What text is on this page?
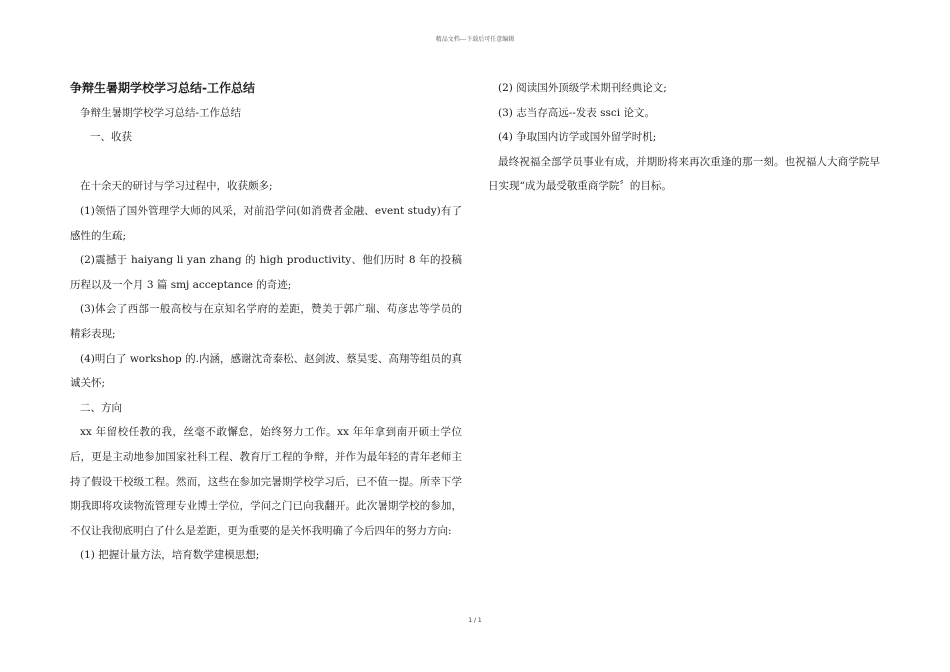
精品文档---下载后可任意编辑
争辩生暑期学校学习总结-工作总结

争辩生暑期学校学习总结-工作总结

一、收获

在十余天的研讨与学习过程中，收获颇多;

(1)领悟了国外管理学大师的风采，对前沿学问(如消费者金融、event study)有了感性的生疏;

(2)震撼于 haiyang li yan zhang 的 high productivity、他们历时 8 年的投稿历程以及一个月 3 篇 smj acceptance 的奇迹;

(3)体会了西部一般高校与在京知名学府的差距，赞美于郭广瑞、苟彦忠等学员的精彩表现;

(4)明白了 workshop 的.内涵，感谢沈奇泰松、赵剑波、蔡昊雯、高翔等组员的真诚关怀;

二、方向

xx 年留校任教的我，丝毫不敢懈怠，始终努力工作。xx 年年拿到南开硕士学位后，更是主动地参加国家社科工程、教育厅工程的争辩，并作为最年轻的青年老师主持了假设干校级工程。然而，这些在参加完暑期学校学习后，已不值一提。所幸下学期我即将攻读物流管理专业博士学位，学问之门已向我翻开。此次暑期学校的参加，不仅让我彻底明白了什么是差距，更为重要的是关怀我明确了今后四年的努力方向:

(1) 把握计量方法，培育数学建模思想;

(2) 阅读国外顶级学术期刊经典论文;

(3) 志当存高远--发表 ssci 论文。

(4) 争取国内访学或国外留学时机;

最终祝福全部学员事业有成，并期盼将来再次重逢的那一刻。也祝福人大商学院早日实现“成为最受敬重商学院〞的目标。

1 / 1
